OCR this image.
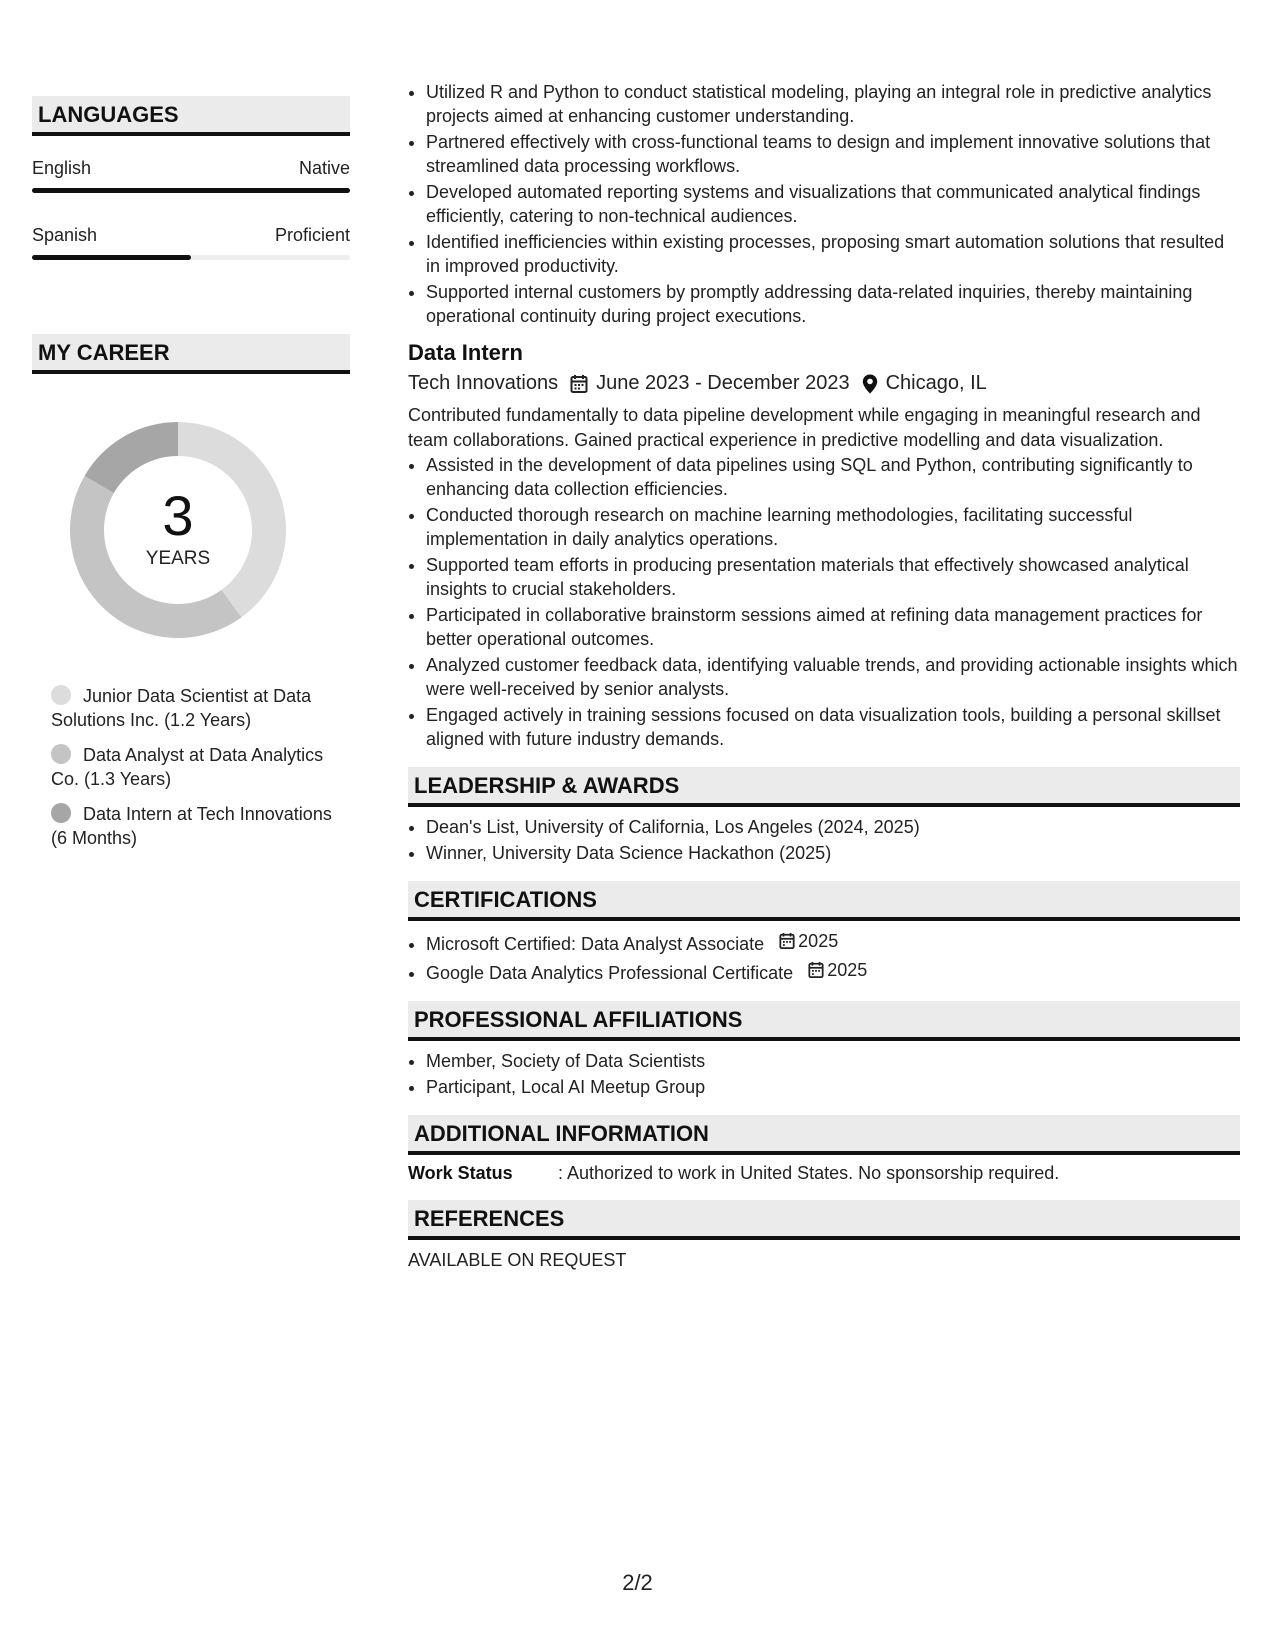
LANGUAGES
English	Native
Spanish	Proficient
MY CAREER
3
YEARS
Junior Data Scientist at Data Solutions Inc. (1.2 Years)
Data Analyst at Data Analytics Co. (1.3 Years)
Data Intern at Tech Innovations (6 Months)
• Utilized R and Python to conduct statistical modeling, playing an integral role in predictive analytics projects aimed at enhancing customer understanding.
• Partnered effectively with cross-functional teams to design and implement innovative solutions that streamlined data processing workflows.
• Developed automated reporting systems and visualizations that communicated analytical findings efficiently, catering to non-technical audiences.
• Identified inefficiencies within existing processes, proposing smart automation solutions that resulted in improved productivity.
• Supported internal customers by promptly addressing data-related inquiries, thereby maintaining operational continuity during project executions.
Data Intern
Tech Innovations June 2023 - December 2023 Chicago, IL
Contributed fundamentally to data pipeline development while engaging in meaningful research and team collaborations. Gained practical experience in predictive modelling and data visualization.
• Assisted in the development of data pipelines using SQL and Python, contributing significantly to enhancing data collection efficiencies.
• Conducted thorough research on machine learning methodologies, facilitating successful implementation in daily analytics operations.
• Supported team efforts in producing presentation materials that effectively showcased analytical insights to crucial stakeholders.
• Participated in collaborative brainstorm sessions aimed at refining data management practices for better operational outcomes.
• Analyzed customer feedback data, identifying valuable trends, and providing actionable insights which were well-received by senior analysts.
• Engaged actively in training sessions focused on data visualization tools, building a personal skillset aligned with future industry demands.
LEADERSHIP & AWARDS
• Dean's List, University of California, Los Angeles (2024, 2025)
• Winner, University Data Science Hackathon (2025)
CERTIFICATIONS
• Microsoft Certified: Data Analyst Associate 2025
• Google Data Analytics Professional Certificate 2025
PROFESSIONAL AFFILIATIONS
• Member, Society of Data Scientists
• Participant, Local AI Meetup Group
ADDITIONAL INFORMATION
Work Status	: Authorized to work in United States. No sponsorship required.
REFERENCES
AVAILABLE ON REQUEST
2/2
